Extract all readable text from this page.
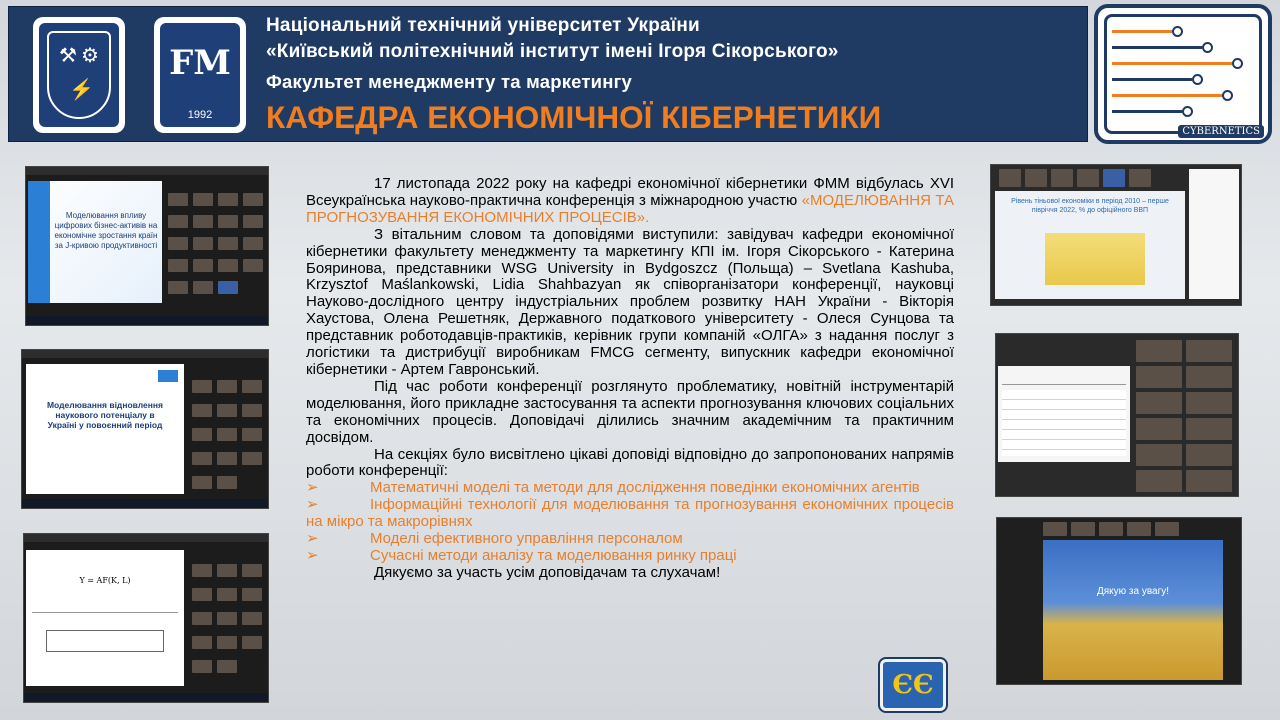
⚒ ⚙
⚡
FM
1992
Національний технічний університет України
«Київський політехнічний інститут імені Ігоря Сікорського»
Факультет менеджменту та маркетингу
КАФЕДРА ЕКОНОМІЧНОЇ КІБЕРНЕТИКИ	CYBERNETICS
Моделювання впливу цифрових бізнес-активів на економічне зростання країн за J-кривою продуктивності
Моделювання відновлення наукового потенціалу в Україні у повоєнний період
Y = AF(K, L)
Рівень тіньової економіки в період 2010 – перше півріччя 2022, % до офіційного ВВП
Дякую за увагу!

17 листопада 2022 року на кафедрі економічної кібернетики ФММ відбулась XVI Всеукраїнська науково-практична конференція з міжнародною участю «МОДЕЛЮВАННЯ ТА ПРОГНОЗУВАННЯ ЕКОНОМІЧНИХ ПРОЦЕСІВ».

З вітальним словом та доповідями виступили: завідувач кафедри економічної кібернетики факультету менеджменту та маркетингу КПІ ім. Ігоря Сікорського - Катерина Бояринова, представники WSG University in Bydgoszcz (Польща) – Svetlana Kashuba, Krzysztof Maślankowski, Lidia Shahbazyan як співорганізатори конференції, науковці Науково-дослідного центру індустріальних проблем розвитку НАН України - Вікторія Хаустова, Олена Решетняк, Державного податкового університету - Олеся Сунцова та представник роботодавців-практиків, керівник групи компаній «ОЛГА» з надання послуг з логістики та дистрибуції виробникам FMCG сегменту, випускник кафедри економічної кібернетики - Артем Гавронський.

Під час роботи конференції розглянуто проблематику, новітній інструментарій моделювання, його прикладне застосування та аспекти прогнозування ключових соціальних та економічних процесів. Доповідачі ділились значним академічним та практичним досвідом.

На секціях було висвітлено цікаві доповіді відповідно до запропонованих напрямів роботи конференції:

➢	Математичні моделі та методи для дослідження поведінки економічних агентів

➢	Інформаційні технології для моделювання та прогнозування економічних процесів на мікро та макрорівнях

➢	Моделі ефективного управління персоналом

➢	Сучасні методи аналізу та моделювання ринку праці

Дякуємо за участь усім доповідачам та слухачам!

ЄЄ
